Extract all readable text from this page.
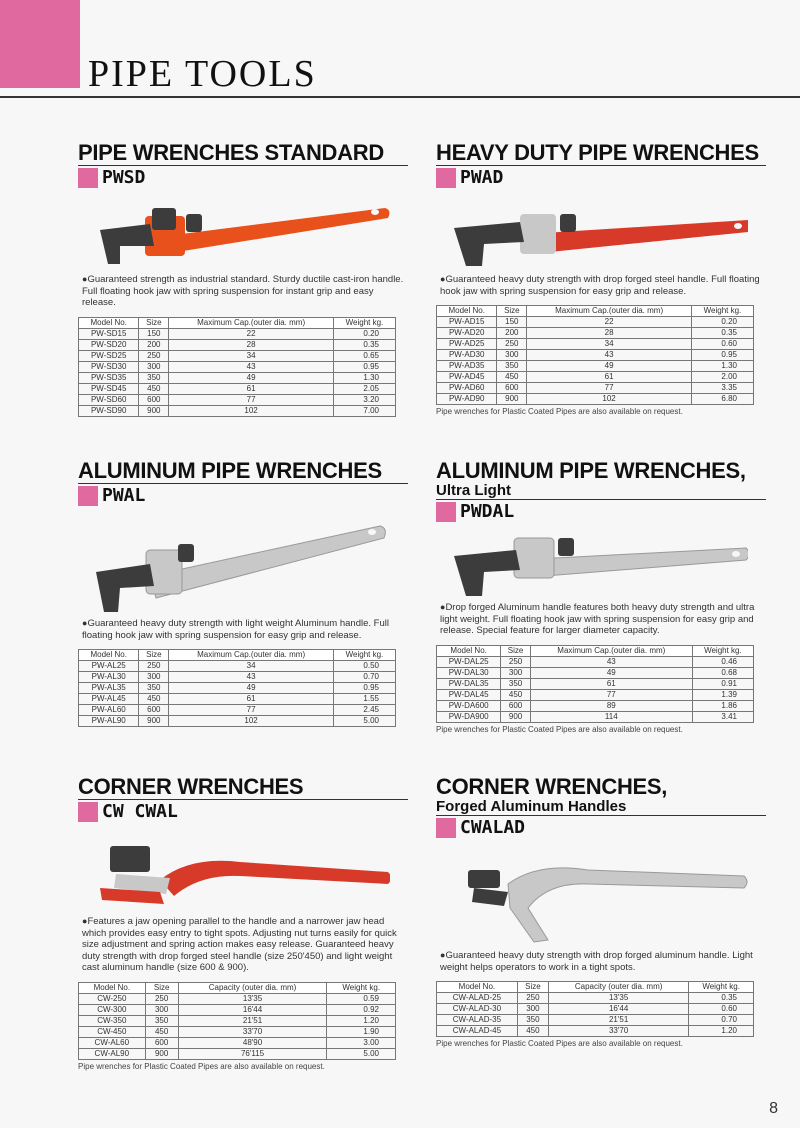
PIPE TOOLS
PIPE WRENCHES STANDARD
PWSD

●Guaranteed strength as industrial standard. Sturdy ductile cast-iron handle. Full floating hook jaw with spring suspension for instant grip and easy release.

Model No.	Size	Maximum Cap.(outer dia. mm)	Weight kg.
PW-SD15	150	22	0.20
PW-SD20	200	28	0.35
PW-SD25	250	34	0.65
PW-SD30	300	43	0.95
PW-SD35	350	49	1.30
PW-SD45	450	61	2.05
PW-SD60	600	77	3.20
PW-SD90	900	102	7.00
HEAVY DUTY PIPE WRENCHES
PWAD

●Guaranteed heavy duty strength with drop forged steel handle. Full floating hook jaw with spring suspension for easy grip and release.

Model No.	Size	Maximum Cap.(outer dia. mm)	Weight kg.
PW-AD15	150	22	0.20
PW-AD20	200	28	0.35
PW-AD25	250	34	0.60
PW-AD30	300	43	0.95
PW-AD35	350	49	1.30
PW-AD45	450	61	2.00
PW-AD60	600	77	3.35
PW-AD90	900	102	6.80
Pipe wrenches for Plastic Coated Pipes are also available on request.
ALUMINUM PIPE WRENCHES
PWAL

●Guaranteed heavy duty strength with light weight Aluminum handle. Full floating hook jaw with spring suspension for easy grip and release.

Model No.	Size	Maximum Cap.(outer dia. mm)	Weight kg.
PW-AL25	250	34	0.50
PW-AL30	300	43	0.70
PW-AL35	350	49	0.95
PW-AL45	450	61	1.55
PW-AL60	600	77	2.45
PW-AL90	900	102	5.00
ALUMINUM PIPE WRENCHES,
Ultra Light
PWDAL

●Drop forged Aluminum handle features both heavy duty strength and ultra light weight. Full floating hook jaw with spring suspension for easy grip and release. Special feature for larger diameter capacity.

Model No.	Size	Maximum Cap.(outer dia. mm)	Weight kg.
PW-DAL25	250	43	0.46
PW-DAL30	300	49	0.68
PW-DAL35	350	61	0.91
PW-DAL45	450	77	1.39
PW-DA600	600	89	1.86
PW-DA900	900	114	3.41
Pipe wrenches for Plastic Coated Pipes are also available on request.
CORNER WRENCHES
CW CWAL

●Features a jaw opening parallel to the handle and a narrower jaw head which provides easy entry to tight spots. Adjusting nut turns easily for quick size adjustment and spring action makes easy release. Guaranteed heavy duty strength with drop forged steel handle (size 250'450) and light weight cast aluminum handle (size 600 & 900).

Model No.	Size	Capacity (outer dia. mm)	Weight kg.
CW-250	250	13'35	0.59
CW-300	300	16'44	0.92
CW-350	350	21'51	1.20
CW-450	450	33'70	1.90
CW-AL60	600	48'90	3.00
CW-AL90	900	76'115	5.00
Pipe wrenches for Plastic Coated Pipes are also available on request.
CORNER WRENCHES,
Forged Aluminum Handles
CWALAD

●Guaranteed heavy duty strength with drop forged aluminum handle. Light weight helps operators to work in a tight spots.

Model No.	Size	Capacity (outer dia. mm)	Weight kg.
CW-ALAD-25	250	13'35	0.35
CW-ALAD-30	300	16'44	0.60
CW-ALAD-35	350	21'51	0.70
CW-ALAD-45	450	33'70	1.20
Pipe wrenches for Plastic Coated Pipes are also available on request.
8
